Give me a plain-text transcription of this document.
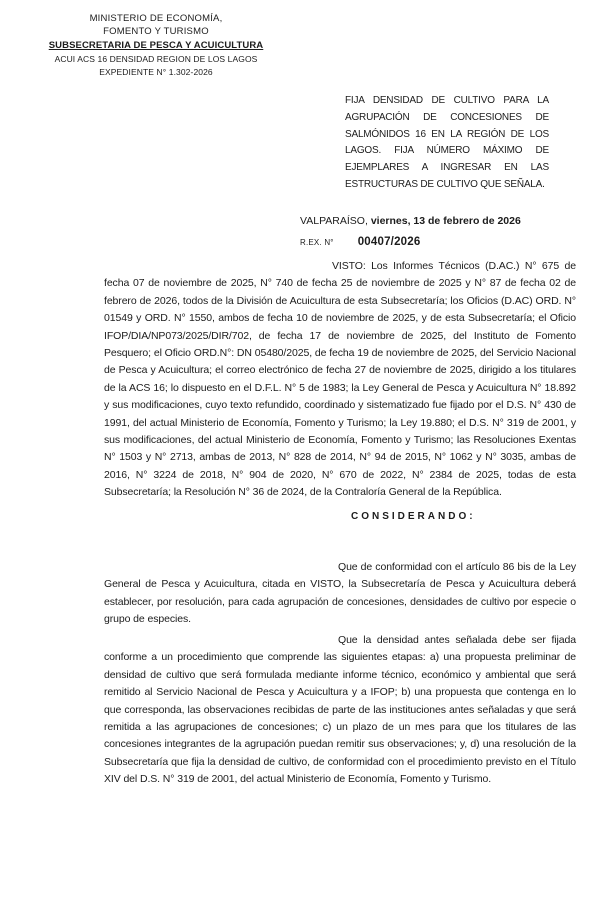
MINISTERIO DE ECONOMÍA,
FOMENTO Y TURISMO
SUBSECRETARIA DE PESCA Y ACUICULTURA
ACUI ACS 16 DENSIDAD REGION DE LOS LAGOS
EXPEDIENTE N° 1.302-2026
FIJA DENSIDAD DE CULTIVO PARA LA AGRUPACIÓN DE CONCESIONES DE SALMÓNIDOS 16 EN LA REGIÓN DE LOS LAGOS. FIJA NÚMERO MÁXIMO DE EJEMPLARES A INGRESAR EN LAS ESTRUCTURAS DE CULTIVO QUE SEÑALA.
VALPARAÍSO, viernes, 13 de febrero de 2026
R.EX. N° 00407/2026

VISTO: Los Informes Técnicos (D.AC.) N° 675 de fecha 07 de noviembre de 2025, N° 740 de fecha 25 de noviembre de 2025 y N° 87 de fecha 02 de febrero de 2026, todos de la División de Acuicultura de esta Subsecretaría; los Oficios (D.AC) ORD. N° 01549 y ORD. N° 1550, ambos de fecha 10 de noviembre de 2025, y de esta Subsecretaría; el Oficio IFOP/DIA/NP073/2025/DIR/702, de fecha 17 de noviembre de 2025, del Instituto de Fomento Pesquero; el Oficio ORD.N°: DN 05480/2025, de fecha 19 de noviembre de 2025, del Servicio Nacional de Pesca y Acuicultura; el correo electrónico de fecha 27 de noviembre de 2025, dirigido a los titulares de la ACS 16; lo dispuesto en el D.F.L. N° 5 de 1983; la Ley General de Pesca y Acuicultura N° 18.892 y sus modificaciones, cuyo texto refundido, coordinado y sistematizado fue fijado por el D.S. N° 430 de 1991, del actual Ministerio de Economía, Fomento y Turismo; la Ley 19.880; el D.S. N° 319 de 2001, y sus modificaciones, del actual Ministerio de Economía, Fomento y Turismo; las Resoluciones Exentas N° 1503 y N° 2713, ambas de 2013, N° 828 de 2014, N° 94 de 2015, N° 1062 y N° 3035, ambas de 2016, N° 3224 de 2018, N° 904 de 2020, N° 670 de 2022, N° 2384 de 2025, todas de esta Subsecretaría; la Resolución N° 36 de 2024, de la Contraloría General de la República.

CONSIDERANDO:

Que de conformidad con el artículo 86 bis de la Ley General de Pesca y Acuicultura, citada en VISTO, la Subsecretaría de Pesca y Acuicultura deberá establecer, por resolución, para cada agrupación de concesiones, densidades de cultivo por especie o grupo de especies.

Que la densidad antes señalada debe ser fijada conforme a un procedimiento que comprende las siguientes etapas: a) una propuesta preliminar de densidad de cultivo que será formulada mediante informe técnico, económico y ambiental que será remitido al Servicio Nacional de Pesca y Acuicultura y a IFOP; b) una propuesta que contenga en lo que corresponda, las observaciones recibidas de parte de las instituciones antes señaladas y que será remitida a las agrupaciones de concesiones; c) un plazo de un mes para que los titulares de las concesiones integrantes de la agrupación puedan remitir sus observaciones; y, d) una resolución de la Subsecretaría que fija la densidad de cultivo, de conformidad con el procedimiento previsto en el Título XIV del D.S. N° 319 de 2001, del actual Ministerio de Economía, Fomento y Turismo.
